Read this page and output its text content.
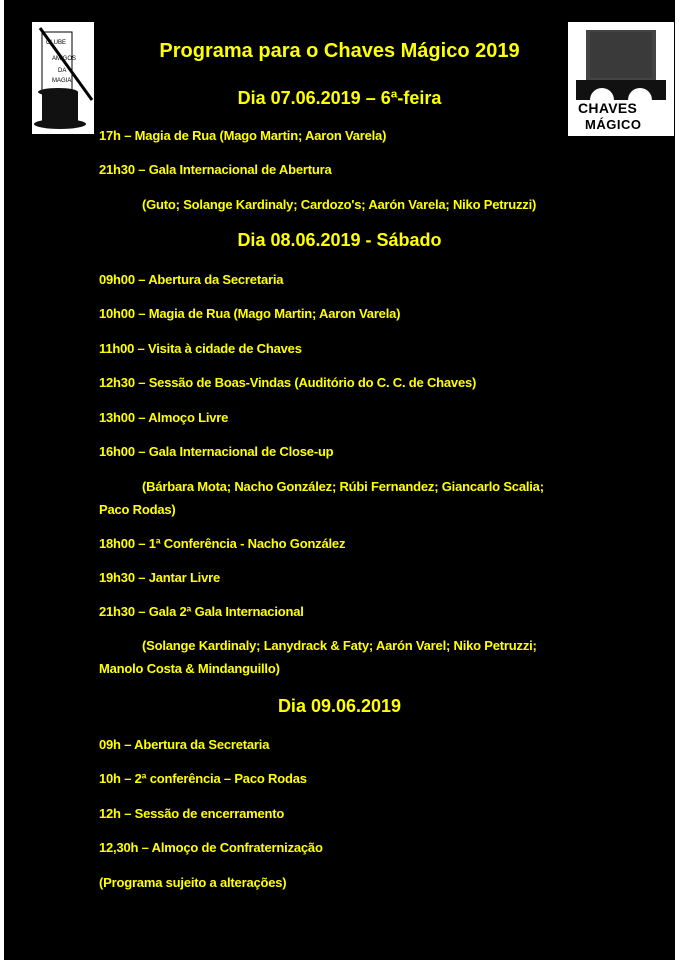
CLUBE
AMIGOS
DA
MAGIA
CHAVES
MÁGICO
Programa para o Chaves Mágico 2019
Dia 07.06.2019 – 6ª-feira
17h – Magia de Rua (Mago Martin; Aaron Varela)
21h30 – Gala Internacional de Abertura
(Guto; Solange Kardinaly; Cardozo's; Aarón Varela; Niko Petruzzi)
Dia 08.06.2019 - Sábado
09h00 – Abertura da Secretaria
10h00 – Magia de Rua (Mago Martin; Aaron Varela)
11h00 – Visita à cidade de Chaves
12h30 – Sessão de Boas-Vindas (Auditório do C. C. de Chaves)
13h00 – Almoço Livre
16h00 – Gala Internacional de Close-up
(Bárbara Mota; Nacho González; Rúbi Fernandez; Giancarlo Scalia;
Paco Rodas)
18h00 – 1ª Conferência - Nacho González
19h30 – Jantar Livre
21h30 – Gala 2ª Gala Internacional
(Solange Kardinaly; Lanydrack & Faty; Aarón Varel; Niko Petruzzi;
Manolo Costa & Mindanguillo)
Dia 09.06.2019
09h – Abertura da Secretaria
10h – 2ª conferência – Paco Rodas
12h – Sessão de encerramento
12,30h – Almoço de Confraternização
(Programa sujeito a alterações)
